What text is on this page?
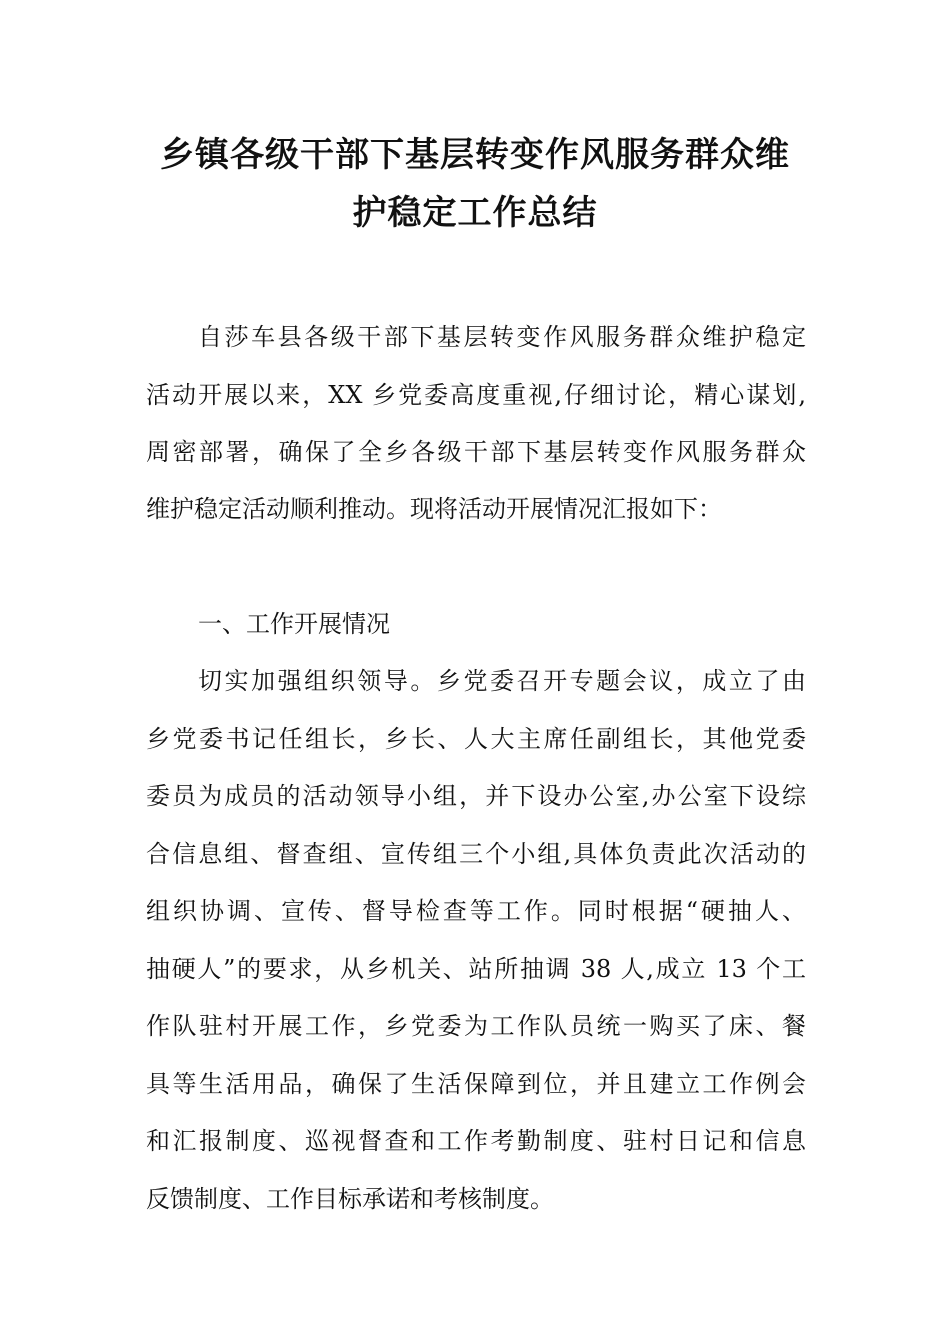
乡镇各级干部下基层转变作风服务群众维
护稳定工作总结
自莎车县各级干部下基层转变作风服务群众维护稳定
活动开展以来，XX 乡党委高度重视,仔细讨论，精心谋划,
周密部署，确保了全乡各级干部下基层转变作风服务群众
维护稳定活动顺利推动。现将活动开展情况汇报如下：
一、工作开展情况
切实加强组织领导。乡党委召开专题会议，成立了由
乡党委书记任组长，乡长、人大主席任副组长，其他党委
委员为成员的活动领导小组，并下设办公室,办公室下设综
合信息组、督查组、宣传组三个小组,具体负责此次活动的
组织协调、宣传、督导检查等工作。同时根据“硬抽人、
抽硬人”的要求，从乡机关、站所抽调 38 人,成立 13 个工
作队驻村开展工作，乡党委为工作队员统一购买了床、餐
具等生活用品，确保了生活保障到位，并且建立工作例会
和汇报制度、巡视督查和工作考勤制度、驻村日记和信息
反馈制度、工作目标承诺和考核制度。
